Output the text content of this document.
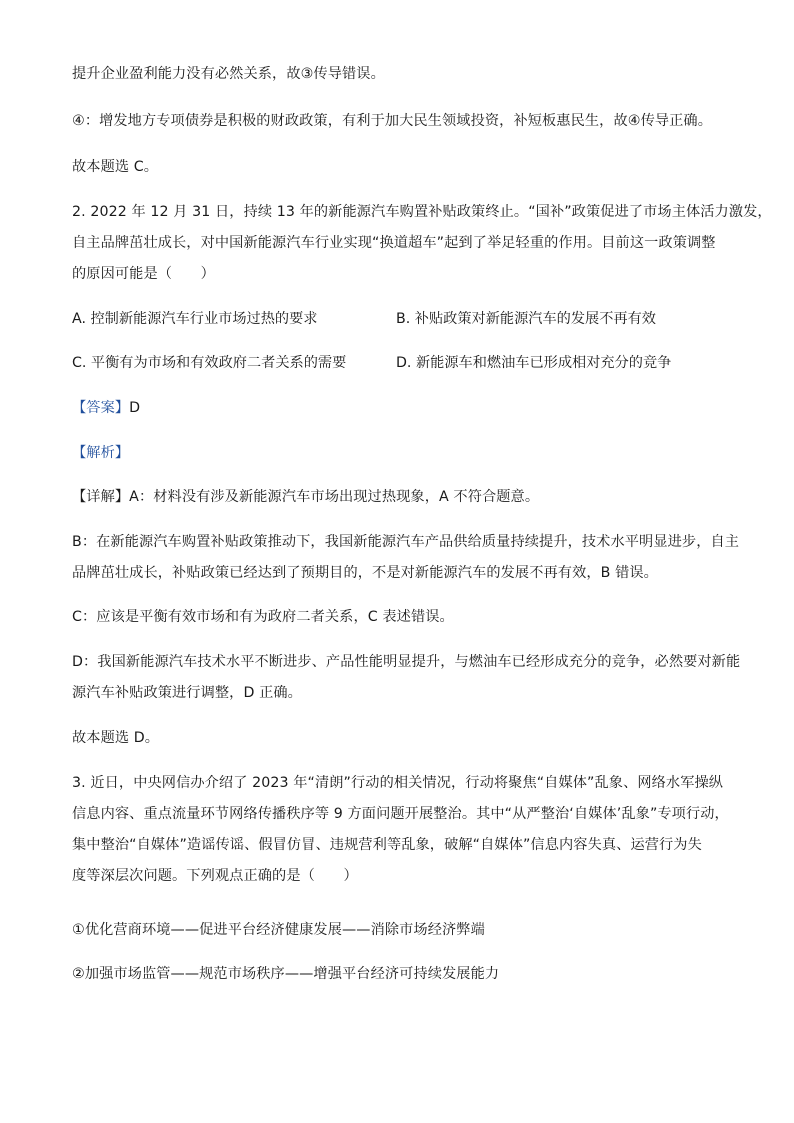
提升企业盈利能力没有必然关系，故③传导错误。
④：增发地方专项债券是积极的财政政策，有利于加大民生领域投资，补短板惠民生，故④传导正确。
故本题选 C。
2. 2022 年 12 月 31 日，持续 13 年的新能源汽车购置补贴政策终止。“国补”政策促进了市场主体活力激发，
自主品牌茁壮成长，对中国新能源汽车行业实现“换道超车”起到了举足轻重的作用。目前这一政策调整
的原因可能是（　　）
A. 控制新能源汽车行业市场过热的要求	B. 补贴政策对新能源汽车的发展不再有效
C. 平衡有为市场和有效政府二者关系的需要	D. 新能源车和燃油车已形成相对充分的竞争
【答案】D
【解析】
【详解】A：材料没有涉及新能源汽车市场出现过热现象，A 不符合题意。
B：在新能源汽车购置补贴政策推动下，我国新能源汽车产品供给质量持续提升，技术水平明显进步，自主
品牌茁壮成长，补贴政策已经达到了预期目的，不是对新能源汽车的发展不再有效，B 错误。
C：应该是平衡有效市场和有为政府二者关系，C 表述错误。
D：我国新能源汽车技术水平不断进步、产品性能明显提升，与燃油车已经形成充分的竞争，必然要对新能
源汽车补贴政策进行调整，D 正确。
故本题选 D。
3. 近日，中央网信办介绍了 2023 年“清朗”行动的相关情况，行动将聚焦“自媒体”乱象、网络水军操纵
信息内容、重点流量环节网络传播秩序等 9 方面问题开展整治。其中“从严整治‘自媒体’乱象”专项行动，
集中整治“自媒体”造谣传谣、假冒仿冒、违规营利等乱象，破解“自媒体”信息内容失真、运营行为失
度等深层次问题。下列观点正确的是（　　）
①优化营商环境——促进平台经济健康发展——消除市场经济弊端
②加强市场监管——规范市场秩序——增强平台经济可持续发展能力
